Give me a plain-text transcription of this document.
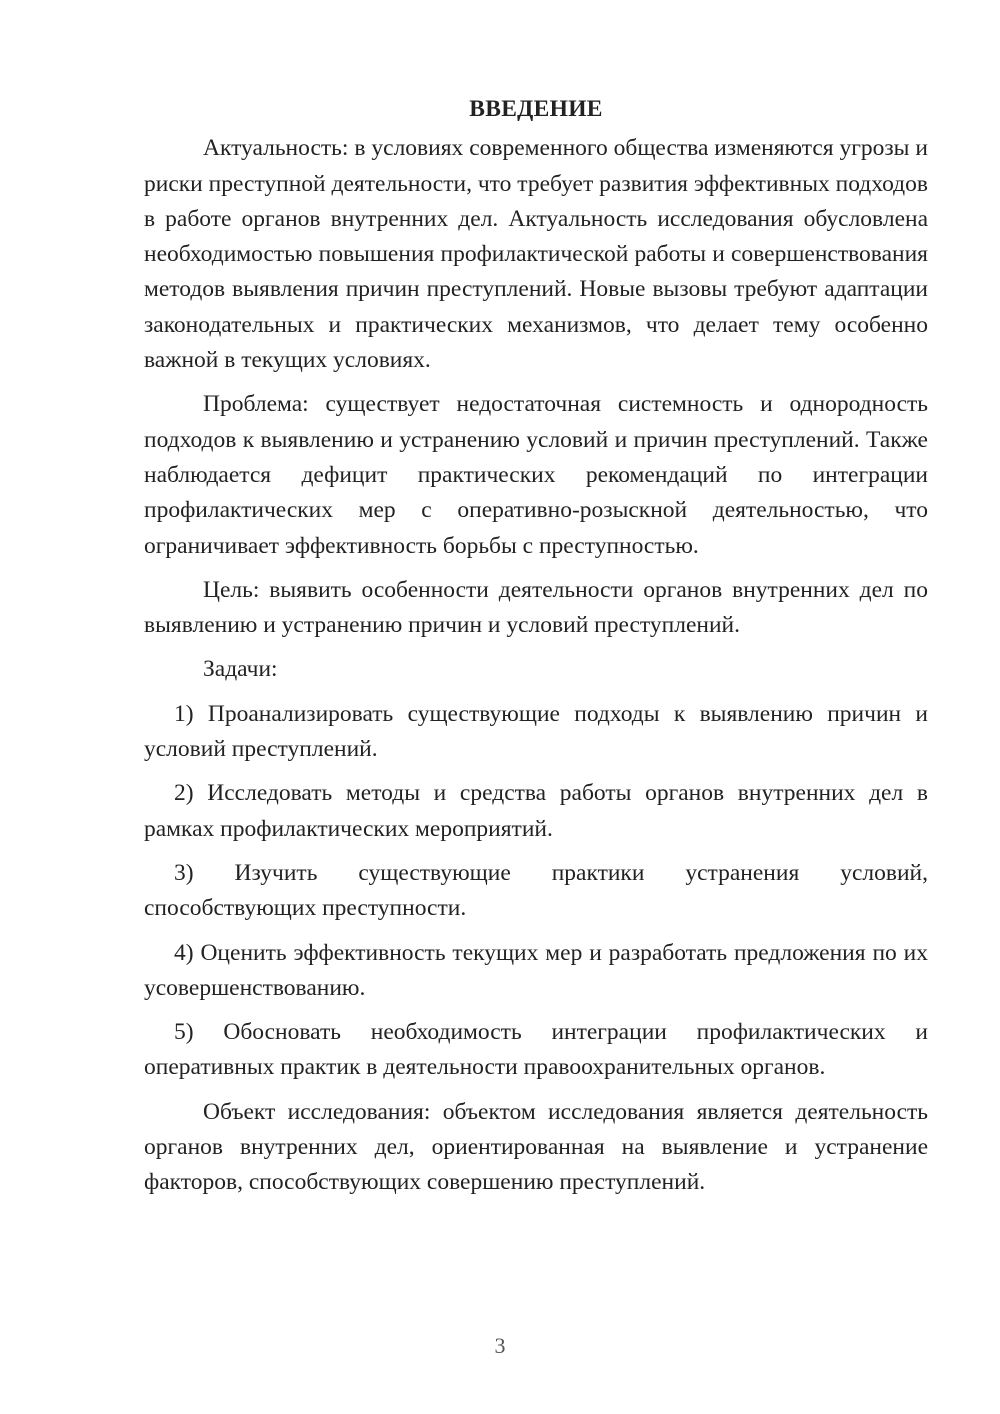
ВВЕДЕНИЕ

Актуальность: в условиях современного общества изменяются угрозы и риски преступной деятельности, что требует развития эффективных подходов в работе органов внутренних дел. Актуальность исследования обусловлена необходимостью повышения профилактической работы и совершенствования методов выявления причин преступлений. Новые вызовы требуют адаптации законодательных и практических механизмов, что делает тему особенно важной в текущих условиях.

Проблема: существует недостаточная системность и однородность подходов к выявлению и устранению условий и причин преступлений. Также наблюдается дефицит практических рекомендаций по интеграции профилактических мер с оперативно-розыскной деятельностью, что ограничивает эффективность борьбы с преступностью.

Цель: выявить особенности деятельности органов внутренних дел по выявлению и устранению причин и условий преступлений.

Задачи:

1) Проанализировать существующие подходы к выявлению причин и условий преступлений.

2) Исследовать методы и средства работы органов внутренних дел в рамках профилактических мероприятий.

3) Изучить существующие практики устранения условий, способствующих преступности.

4) Оценить эффективность текущих мер и разработать предложения по их усовершенствованию.

5) Обосновать необходимость интеграции профилактических и оперативных практик в деятельности правоохранительных органов.

Объект исследования: объектом исследования является деятельность органов внутренних дел, ориентированная на выявление и устранение факторов, способствующих совершению преступлений.

3
